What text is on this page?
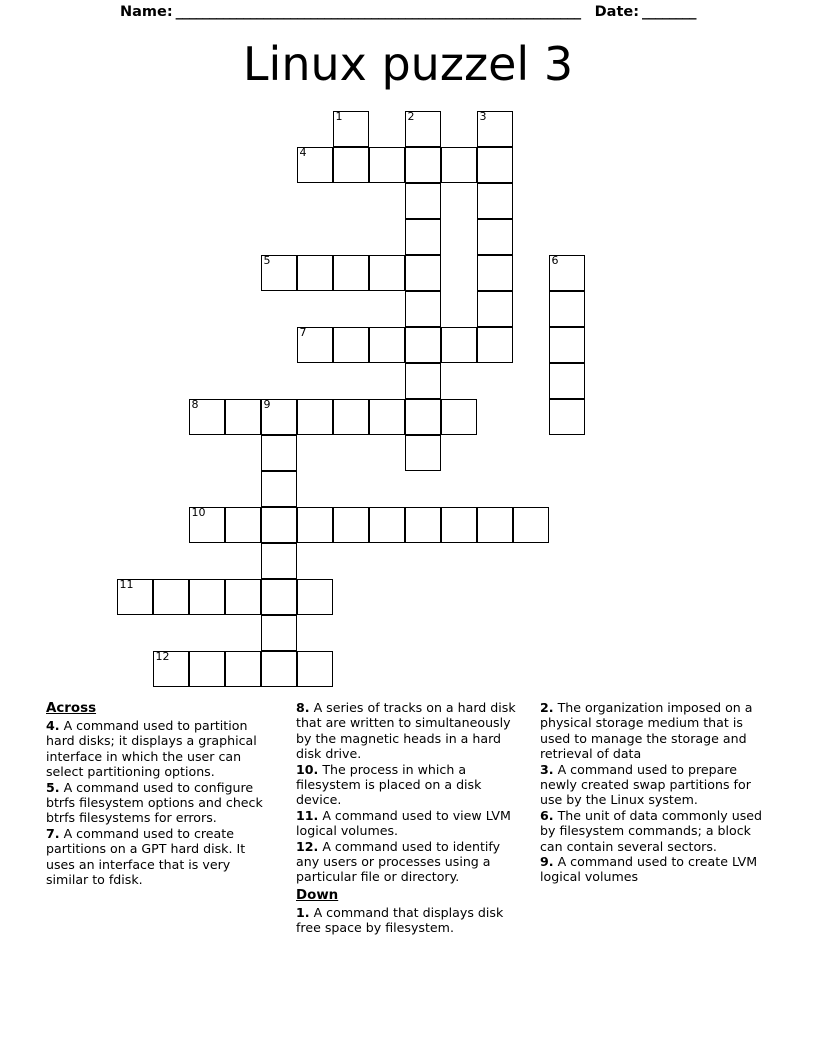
Name: ____________________________________________________________ Date: ________
Linux puzzel 3
1	2	3
4
5	6
7
8	9
10
11
12
Across
4. A command used to partition hard disks; it displays a graphical interface in which the user can select partitioning options.
5. A command used to configure btrfs filesystem options and check btrfs filesystems for errors.
7. A command used to create partitions on a GPT hard disk. It uses an interface that is very similar to fdisk.
8. A series of tracks on a hard disk that are written to simultaneously by the magnetic heads in a hard disk drive.
10. The process in which a filesystem is placed on a disk device.
11. A command used to view LVM logical volumes.
12. A command used to identify any users or processes using a particular file or directory.
Down
1. A command that displays disk free space by filesystem.
2. The organization imposed on a physical storage medium that is used to manage the storage and retrieval of data
3. A command used to prepare newly created swap partitions for use by the Linux system.
6. The unit of data commonly used by filesystem commands; a block can contain several sectors.
9. A command used to create LVM logical volumes
